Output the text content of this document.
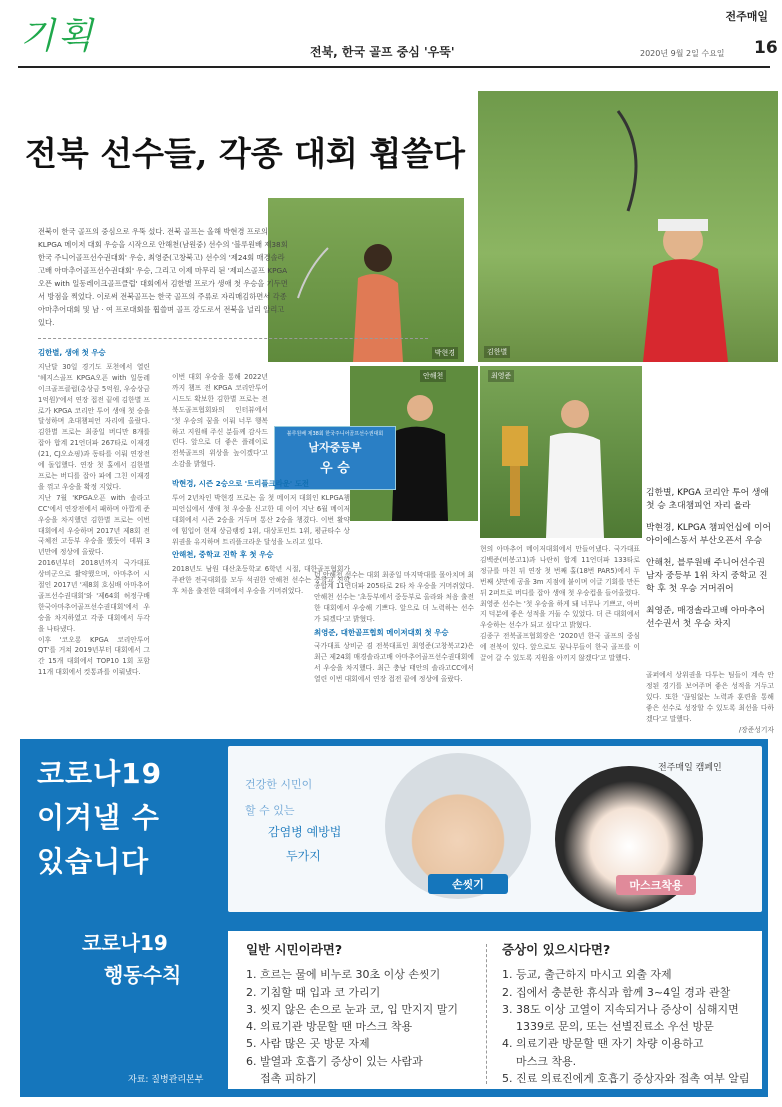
기획	전북, 한국 골프 중심 '우뚝'
전주매일
2020년 9월 2일 수요일 16
김한별
전북 선수들, 각종 대회 휩쓸다
박현경
전북이 한국 골프의 중심으로 우뚝 섰다. 전북 골프는 올해 박현경 프로의 KLPGA 메이저 대회 우승을 시작으로 안해천(남원중) 선수의 '블루원배 제38회 한국 주니어골프선수권대회' 우승, 최영준(고창북고) 선수의 '제24회 매경솔라고배 아마추어골프선수권대회' 우승, 그리고 이제 마무리 된 '제피스골프 KPGA오픈 with 일동레이크골프클럽' 대회에서 김한별 프로가 생애 첫 우승을 기두면서 방점을 찍었다. 이로써 전북골프는 한국 골프의 주류로 자리매김하면서 각종 아마추어대회 및 남 · 여 프로대회를 휩쓸며 골프 강도로서 전북을 널리 알리고 있다.
안해천
블루원배 제38회 한국주니어골프선수권대회
남자중등부
우 승
최영준
김한별, 생애 첫 우승

지난달 30일 경기도 포천에서 열린 '헤지스골프 KPGA오픈 with 일동레이크골프클럽(총상금 5억원, 우승상금 1억원)'에서 연장 접전 끝에 김한별 프로가 KPGA 코리안 투어 생애 첫 승을 달성하며 초대챔피언 자리에 올랐다. 김한별 프로는 최종일 버디만 8개를 잡아 합계 21언더파 267타로 이재경(21, CJ오쇼핑)과 동타를 이뤄 연장전에 돌입했다. 연장 첫 홀에서 김한별 프로는 버디를 잡아 파에 그친 이재경을 꺾고 우승을 확정 지었다.

지난 7월 'KPGA오픈 with 솔라고CC'에서 연장전에서 패하며 아깝게 준우승을 차지했던 김한별 프로는 이번 대회에서 우승하며 2017년 제8회 전국체전 고등부 우승을 했듯이 데뷔 3년만에 정상에 올랐다.

2016년부터 2018년까지 국가대표 상비군으로 활약했으며, 아마추어 시절인 2017년 '제8회 호심배 아마추어 골프선수권대회'와 '제64회 허정구배 한국아마추어골프선수권대회'에서 우승을 차지하였고 각종 대회에서 두각을 나타냈다.

이후 '코오롱 KPGA 코리안투어 QT'를 거쳐 2019년부터 대회에서 그간 15개 대회에서 TOP10 1회 포함 11개 대회에서 컷통과를 이뤄냈다.

이번 대회 우승을 통해 2022년까지 챔프 전 KPGA 코리안투어 시드도 확보한 김한별 프로는 전북도골프협회와의 인터뷰에서 '첫 우승의 꿈을 이뤄 너무 행복하고 지원해 주신 분들께 감사드린다. 앞으로 더 좋은 플레이로 전북골프의 위상을 높이겠다'고 소감을 밝혔다.

박현경, 시즌 2승으로 '트리플크라운' 도전

투어 2년차인 박현경 프로는 올 첫 메이저 대회인 KLPGA챔피언십에서 생애 첫 우승을 신고한 데 이어 지난 6월 메이저 대회에서 시즌 2승을 거두며 통산 2승을 챙겼다. 이번 활약에 힘입어 현재 상금랭킹 1위, 대상포인트 1위, 평균타수 상위권을 유지하며 트리플크라운 달성을 노리고 있다.

안해천, 중학교 진학 후 첫 우승

2018년도 남원 대산초등학교 6학년 시절, 대한골프협회가 주관한 전국대회를 모두 석권한 안해천 선수는 중학교 진학 후 처음 출전한 대회에서 우승을 거머쥐었다.

던 안해천 선수는 대회 최종일 마지막대를 몰아치며 최종합계 11언더파 205타로 2타 차 우승을 거머쥐었다. 안해천 선수는 '초등부에서 중등부로 올라와 처음 출전한 대회에서 우승해 기쁘다. 앞으로 더 노력하는 선수가 되겠다'고 밝혔다.

최영준, 대한골프협회 메이저대회 첫 우승

국가대표 상비군 겸 전북대표인 최영준(고창북고2)은 최근 제24회 매경솔라고배 아마추어골프선수권대회에서 우승을 차지했다. 최근 충남 태안의 솔라고CC에서 열린 이번 대회에서 연장 접전 끝에 정상에 올랐다.

현의 아마추어 메이저대회에서 만들어냈다. 국가대표 김백준(비봉고1)과 나란히 합계 11언더파 133타로 정규를 마친 뒤 연장 첫 번째 홀(18번 PAR5)에서 두 번째 샷만에 공을 3m 지점에 붙이며 이글 기회를 만든 뒤 2퍼트로 버디를 잡아 생애 첫 우승컵을 들어올렸다. 최영준 선수는 '첫 우승을 하게 돼 너무나 기쁘고, 아버지 덕분에 좋은 성적을 거둘 수 있었다. 더 큰 대회에서 우승하는 선수가 되고 싶다'고 밝혔다.

김종구 전북골프협회장은 '2020년 한국 골프의 중심에 전북이 있다. 앞으로도 꿈나무들이 한국 골프를 이끌어 갈 수 있도록 지원을 아끼지 않겠다'고 말했다.

골퍼에서 상위권을 다투는 팀들이 계속 안정된 경기를 보여주며 좋은 성적을 거두고 있다. 또한 '끊임없는 노력과 훈련을 통해 좋은 선수로 성장할 수 있도록 최선을 다하겠다'고 말했다.

/장준성기자

김한별, KPGA 코리안 투어 생애 첫 승 초대챔피언 자리 올라

박현경, KLPGA 챔피언십에 이어 아이에스동서 부산오픈서 우승

안해천, 블루원배 주니어선수권 남자 중등부 1위 차지 중학교 진학 후 첫 우승 거머쥐어

최영준, 매경솔라고배 아마추어 선수권서 첫 우승 차지

코로나19
이겨낼 수
있습니다
전주매일 캠페인
건강한 시민이
할 수 있는
감염병 예방법
두가지
손씻기	마스크착용
코로나19
행동수칙
자료: 질병관리본부
일반 시민이라면?
1. 흐르는 물에 비누로 30초 이상 손씻기
2. 기침할 때 입과 코 가리기
3. 씻지 않은 손으로 눈과 코, 입 만지지 말기
4. 의료기관 방문할 땐 마스크 착용
5. 사람 많은 곳 방문 자제
6. 발열과 호흡기 증상이 있는 사람과
접촉 피하기
증상이 있으시다면?
1. 등교, 출근하지 마시고 외출 자제
2. 집에서 충분한 휴식과 함께 3~4일 경과 관찰
3. 38도 이상 고열이 지속되거나 증상이 심해지면
1339로 문의, 또는 선별진료소 우선 방문
4. 의료기관 방문할 땐 자기 차량 이용하고
마스크 착용.
5. 진료 의료진에게 호흡기 증상자와 접촉 여부 알림
